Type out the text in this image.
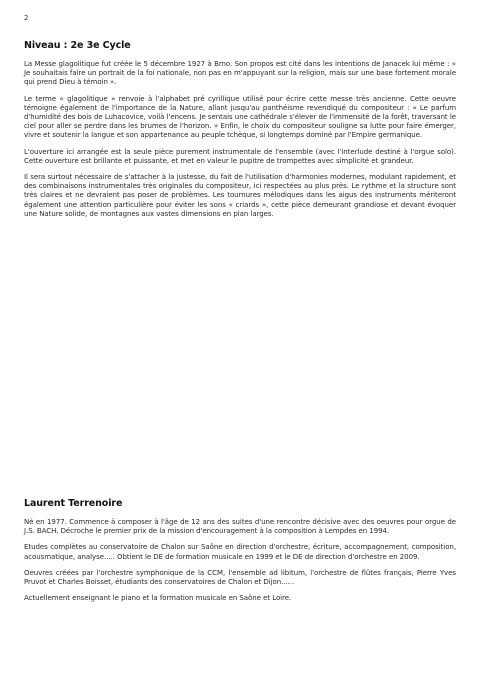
2
Niveau : 2e 3e Cycle

La Messe glagolitique fut créée le 5 décembre 1927 à Brno. Son propos est cité dans les intentions de Janacek lui même : « Je souhaitais faire un portrait de la foi nationale, non pas en m'appuyant sur la religion, mais sur une base fortement morale qui prend Dieu à témoin ».

Le terme « glagolitique » renvoie à l'alphabet pré cyrillique utilisé pour écrire cette messe très ancienne. Cette oeuvre témoigne également de l'importance de la Nature, allant jusqu'au panthéisme revendiqué du compositeur : « Le parfum d'humidité des bois de Luhacovice, voilà l'encens. Je sentais une cathédrale s'élever de l'immensité de la forêt, traversant le ciel pour aller se perdre dans les brumes de l'horizon. » Enfin, le choix du compositeur souligne sa lutte pour faire émerger, vivre et soutenir la langue et son appartenance au peuple tchèque, si longtemps dominé par l'Empire germanique.

L'ouverture ici arrangée est la seule pièce purement instrumentale de l'ensemble (avec l'interlude destiné à l'orgue solo). Cette ouverture est brillante et puissante, et met en valeur le pupitre de trompettes avec simplicité et grandeur.

Il sera surtout nécessaire de s'attacher à la justesse, du fait de l'utilisation d'harmonies modernes, modulant rapidement, et des combinaisons instrumentales très originales du compositeur, ici respectées au plus près. Le rythme et la structure sont très claires et ne devraient pas poser de problèmes. Les tournures mélodiques dans les aigus des instruments mériteront également une attention particulière pour éviter les sons « criards », cette pièce demeurant grandiose et devant évoquer une Nature solide, de montagnes aux vastes dimensions en plan larges.

Laurent Terrenoire

Né en 1977. Commence à composer à l'âge de 12 ans des suites d'une rencontre décisive avec des oeuvres pour orgue de J.S. BACH. Décroche le premier prix de la mission d'encouragement à la composition à Lempdes en 1994.

Etudes complètes au conservatoire de Chalon sur Saône en direction d'orchestre, écriture, accompagnement, composition, acousmatique, analyse..... Obtient le DE de formation musicale en 1999 et le DE de direction d'orchestre en 2009.

Oeuvres créées par l'orchestre symphonique de la CCM, l'ensemble ad libitum, l'orchestre de flûtes français, Pierre Yves Pruvot et Charles Boisset, étudiants des conservatoires de Chalon et Dijon......

Actuellement enseignant le piano et la formation musicale en Saône et Loire.
